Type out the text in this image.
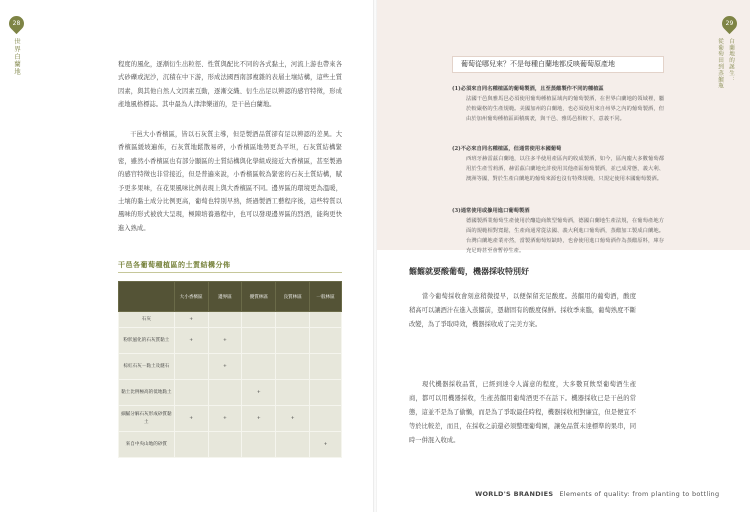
28
世界白蘭地	程度的風化，逐漸衍生出粒徑、性質與配比不同的各式黏土，河流上游也帶來各式砂礫或泥沙，沉積在中下游，形成法國西南部複雜的表層土壤結構，這些土質因素，與其他自然人文因素互動，逐漸交織、衍生出足以辨認的感官特徵，形成產地風格標誌。其中最為人津津樂道的，是干邑白蘭地。

干邑大小香檳區，皆以石灰質主導，但是製酒品質卻有足以辨認的差異。大香檳區緩坡遍佈，石灰質地鬆散易碎，小香檳區地勢更為平坦，石灰質結構緊密，雖然小香檳區也有部分顯區的土質結構與化學組成接近大香檳區，甚至製過的感官特徵也非常接近，但是普遍來說，小香檳區較為緊密的石灰土質結構，賦予更多果味，在花果風味比例表現上與大香檳區不同。邊界區的環境更為溫暖，土壤的黏土成分比例更高，葡萄也特別早熟，經過製酒工藝程序後，這些特質以風味的形式被放大呈現，極陳培養過程中，也可以發現邊界區的烈酒，能夠更快進入熟成。

干邑各葡萄種植區的土質結構分佈
	大小香檳區	邊界區	優質林區	良質林區	一般林區
石灰	+				
粉狀風化的石灰質黏土	+	+			
棕紅石灰－黏土及燧石		+			
黏土比例極高的低地黏土			+		
細膩分解石灰形成砂質黏土	+	+	+	+	
來自中央山地的砂質					+
29
白蘭地的誕生：
從葡萄田到蒸餾瓶
葡萄從哪兒來？不是每種白蘭地都反映葡萄原產地
(1)必須來自同名種植區的葡萄製酒，且至蒸餾製作不同的種植區
法國干邑與雅馬邑必須使用葡萄種植區域內的葡萄製酒，在世界白蘭地的領域裡，屬於較嚴格的生產規範。美國加州的白蘭地，也必須使用來自州界之內的葡萄製酒，但由於加州葡萄種植區面積廣袤，與干邑、雅馬邑相較下，意義不同。
(2)不必來自同名種植區，但通常使用本國葡萄
西班牙赫雷茲白蘭地，以往多半使用產區內的收成製酒，如今，區內龐大多數葡萄都用於生產雪莉酒，赫雷茲白蘭地允許使用其他產區葡萄製酒，並已成常態，義大利、澳洲等國，對於生產白蘭地的葡萄來源也沒有特殊規範，只規定使用本國葡萄製酒。
(3)通常使用或摻用進口葡萄製酒
德國製酒業葡萄生產使用於釀造商飲型葡萄酒，德國白蘭地生產法規，在葡萄產地方面的規範相對寬鬆，生產商通常從法國、義大利進口葡萄酒，蒸餾加工製成白蘭地。台灣白蘭地產業亦然，當製酒葡萄短缺時，也會使用進口葡萄酒作為蒸餾原料，庫存充足時甚至會暫停生產。
餾餾就要酸葡萄，機器採收特別好

當今葡萄採收會刻意稍微提早，以便保留充足酸度。蒸餾用的葡萄酒，酸度稍高可以讓酒汁在進入蒸餾前，憑藉固有的酸度保鮮。採收季來臨，葡萄熟度不斷改變，為了爭取時效，機器採收成了完美方案。

現代機器採收品質，已經到達令人滿意的程度，大多數頁飲型葡萄酒生產商，都可以用機器採收，生產蒸餾用葡萄酒更不在話下。機器採收已是干邑的常態，這並不是為了偷懶，而是為了爭取最佳時程，機器採收相對廉宜，但是便宜不等於比較差，而且，在採收之前還必須整理葡萄園，讓免品質未達標準的果串，同時一併混入收成。

WORLD'S BRANDIES Elements of quality: from planting to bottling
